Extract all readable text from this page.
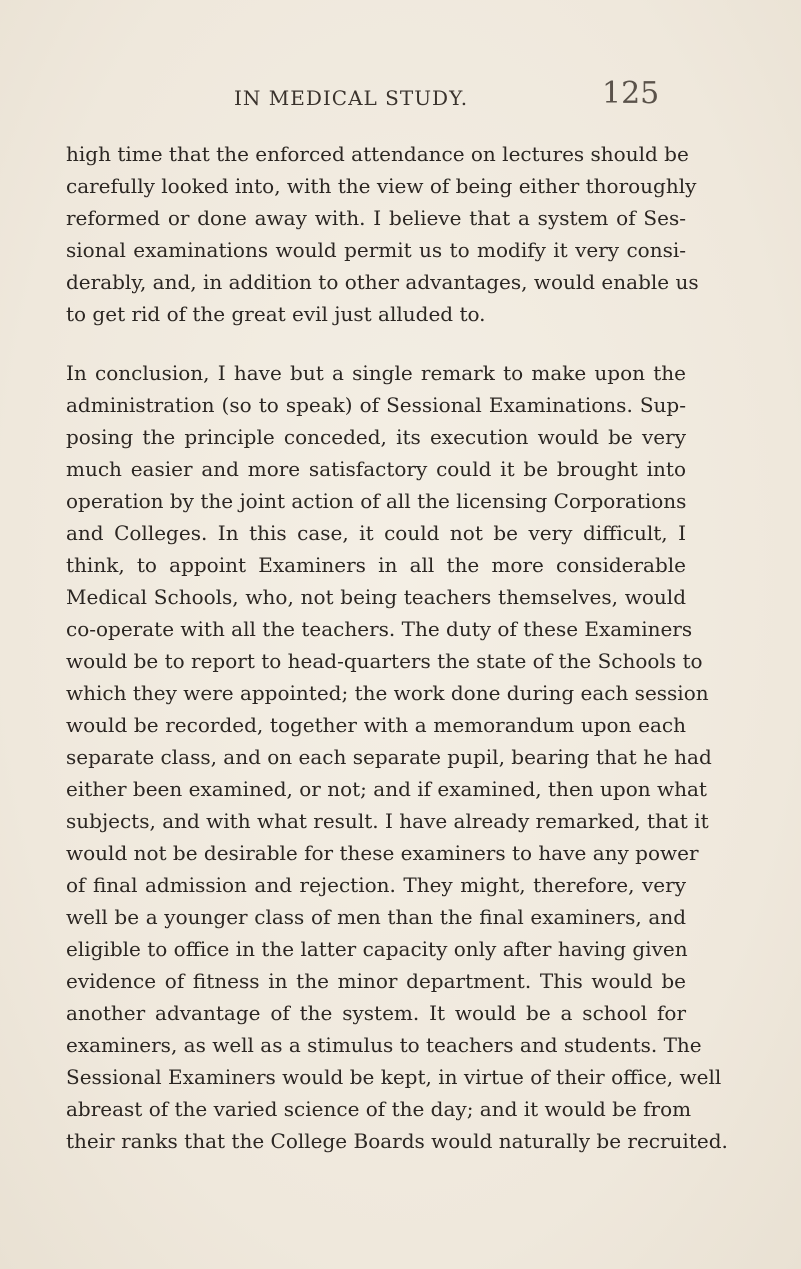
IN MEDICAL STUDY.	125
high time that the enforced attendance on lectures should be
carefully looked into, with the view of being either thoroughly
reformed or done away with. I believe that a system of Ses-
sional examinations would permit us to modify it very consi-
derably, and, in addition to other advantages, would enable us
to get rid of the great evil just alluded to.
In conclusion, I have but a single remark to make upon the
administration (so to speak) of Sessional Examinations. Sup-
posing the principle conceded, its execution would be very
much easier and more satisfactory could it be brought into
operation by the joint action of all the licensing Corporations
and Colleges. In this case, it could not be very difficult, I
think, to appoint Examiners in all the more considerable
Medical Schools, who, not being teachers themselves, would
co-operate with all the teachers. The duty of these Examiners
would be to report to head-quarters the state of the Schools to
which they were appointed; the work done during each session
would be recorded, together with a memorandum upon each
separate class, and on each separate pupil, bearing that he had
either been examined, or not; and if examined, then upon what
subjects, and with what result. I have already remarked, that it
would not be desirable for these examiners to have any power
of final admission and rejection. They might, therefore, very
well be a younger class of men than the final examiners, and
eligible to office in the latter capacity only after having given
evidence of fitness in the minor department. This would be
another advantage of the system. It would be a school for
examiners, as well as a stimulus to teachers and students. The
Sessional Examiners would be kept, in virtue of their office, well
abreast of the varied science of the day; and it would be from
their ranks that the College Boards would naturally be recruited.
